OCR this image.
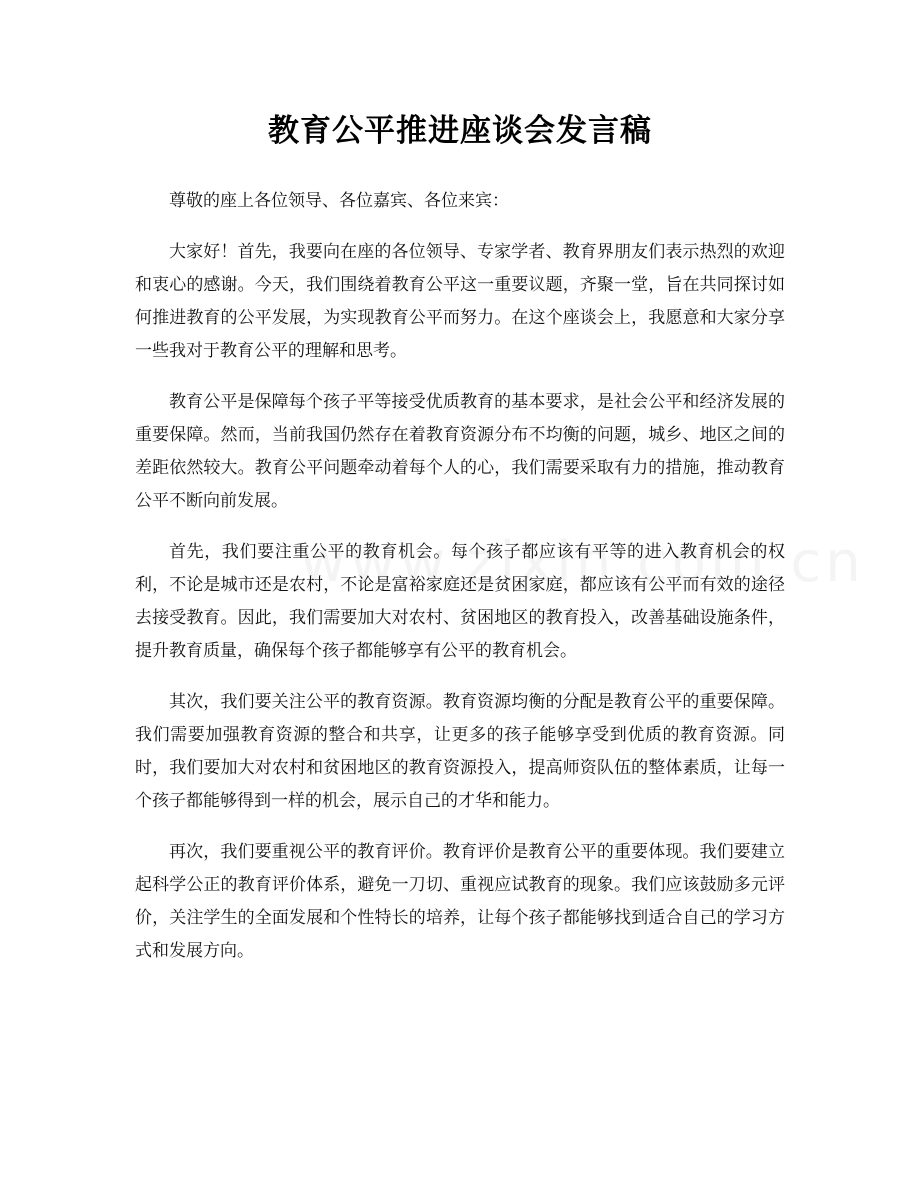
教育公平推进座谈会发言稿

尊敬的座上各位领导、各位嘉宾、各位来宾：

大家好！首先，我要向在座的各位领导、专家学者、教育界朋友们表示热烈的欢迎和衷心的感谢。今天，我们围绕着教育公平这一重要议题，齐聚一堂，旨在共同探讨如何推进教育的公平发展，为实现教育公平而努力。在这个座谈会上，我愿意和大家分享一些我对于教育公平的理解和思考。

教育公平是保障每个孩子平等接受优质教育的基本要求，是社会公平和经济发展的重要保障。然而，当前我国仍然存在着教育资源分布不均衡的问题，城乡、地区之间的差距依然较大。教育公平问题牵动着每个人的心，我们需要采取有力的措施，推动教育公平不断向前发展。

首先，我们要注重公平的教育机会。每个孩子都应该有平等的进入教育机会的权利，不论是城市还是农村，不论是富裕家庭还是贫困家庭，都应该有公平而有效的途径去接受教育。因此，我们需要加大对农村、贫困地区的教育投入，改善基础设施条件，提升教育质量，确保每个孩子都能够享有公平的教育机会。

其次，我们要关注公平的教育资源。教育资源均衡的分配是教育公平的重要保障。我们需要加强教育资源的整合和共享，让更多的孩子能够享受到优质的教育资源。同时，我们要加大对农村和贫困地区的教育资源投入，提高师资队伍的整体素质，让每一个孩子都能够得到一样的机会，展示自己的才华和能力。

再次，我们要重视公平的教育评价。教育评价是教育公平的重要体现。我们要建立起科学公正的教育评价体系，避免一刀切、重视应试教育的现象。我们应该鼓励多元评价，关注学生的全面发展和个性特长的培养，让每个孩子都能够找到适合自己的学习方式和发展方向。
